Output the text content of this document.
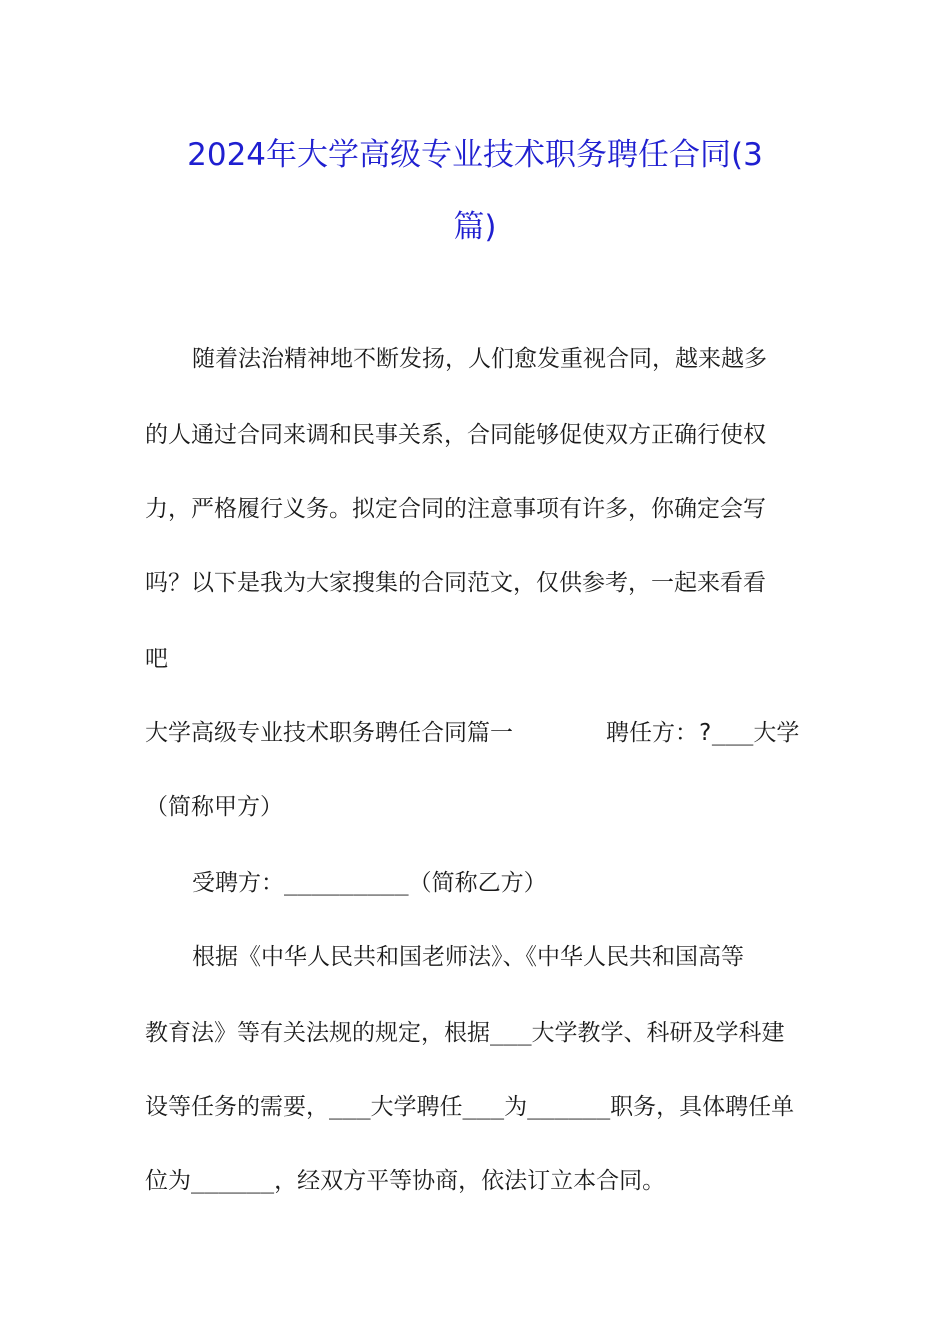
2024年大学高级专业技术职务聘任合同(3
篇)
随着法治精神地不断发扬，人们愈发重视合同，越来越多
的人通过合同来调和民事关系，合同能够促使双方正确行使权
力，严格履行义务。拟定合同的注意事项有许多，你确定会写
吗？以下是我为大家搜集的合同范文，仅供参考，一起来看看
吧
大学高级专业技术职务聘任合同篇一	聘任方：?___大学
（简称甲方）
受聘方：_________（简称乙方）
根据《中华人民共和国老师法》、《中华人民共和国高等
教育法》等有关法规的规定，根据___大学教学、科研及学科建
设等任务的需要，___大学聘任___为______职务，具体聘任单
位为______，经双方平等协商，依法订立本合同。
